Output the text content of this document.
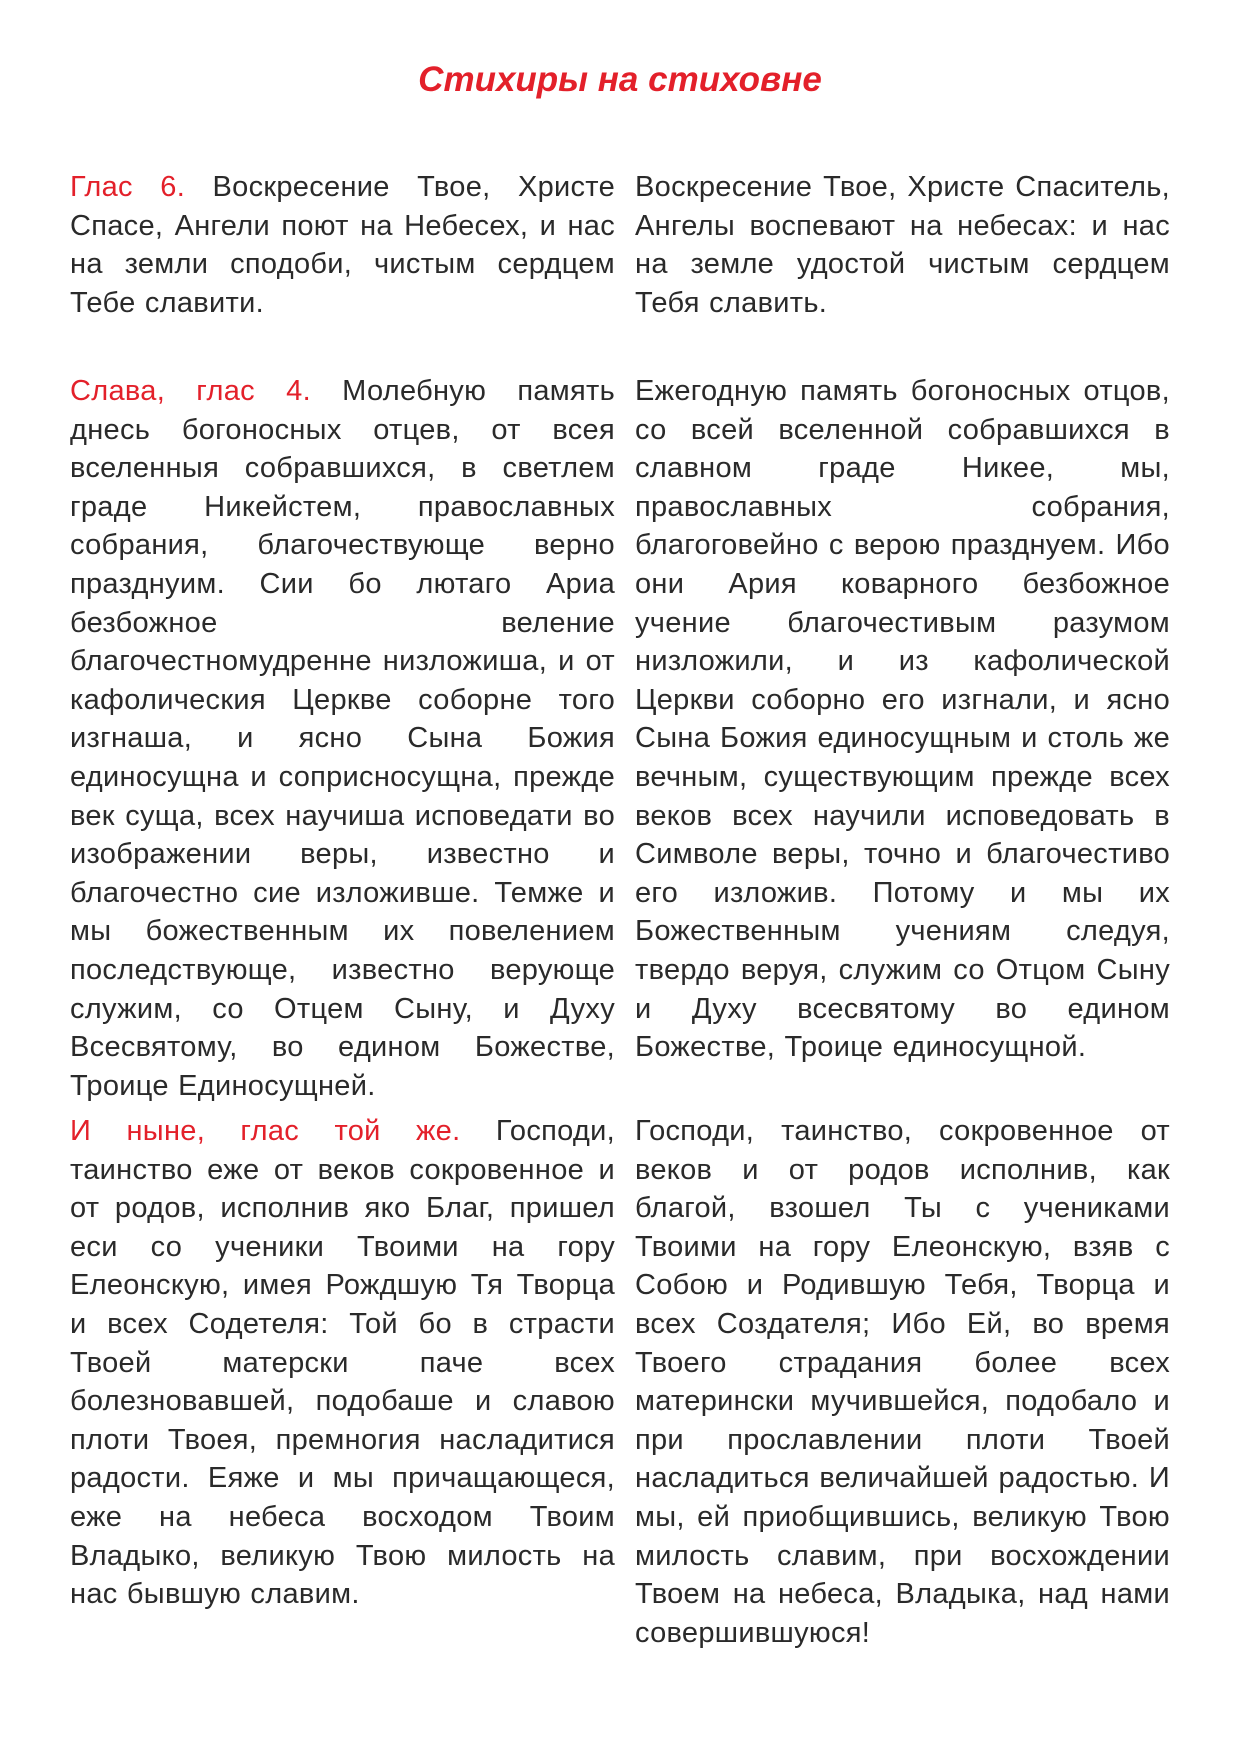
Стихиры на стиховне

Глас 6. Воскресение Твое, Христе Спасе, Ангели поют на Небесех, и нас на земли сподоби, чистым сердцем Тебе славити.

Воскресение Твое, Христе Спаситель, Ангелы воспевают на небесах: и нас на земле удостой чистым сердцем Тебя славить.

Слава, глас 4. Молебную память днесь богоносных отцев, от всея вселенныя собравшихся, в светлем граде Никейстем, православных собрания, благочествующе верно празднуим. Сии бо лютаго Ариа безбожное веление благочестномудренне низложиша, и от кафолическия Церкве соборне того изгнаша, и ясно Сына Божия единосущна и соприсносущна, прежде век суща, всех научиша исповедати во изображении веры, известно и благочестно сие изложивше. Темже и мы божественным их повелением последствующе, известно верующе служим, со Отцем Сыну, и Духу Всесвятому, во едином Божестве, Троице Единосущней.

Ежегодную память богоносных отцов, со всей вселенной собравшихся в славном граде Никее, мы, православных собрания, благоговейно с верою празднуем. Ибо они Ария коварного безбожное учение благочестивым разумом низложили, и из кафолической Церкви соборно его изгнали, и ясно Сына Божия единосущным и столь же вечным, существующим прежде всех веков всех научили исповедовать в Символе веры, точно и благочестиво его изложив. Потому и мы их Божественным учениям следуя, твердо веруя, служим со Отцом Сыну и Духу всесвятому во едином Божестве, Троице единосущной.

И ныне, глас той же. Господи, таинство еже от веков сокровенное и от родов, исполнив яко Благ, пришел еси со ученики Твоими на гору Елеонскую, имея Рождшую Тя Творца и всех Содетеля: Той бо в страсти Твоей матерски паче всех болезновавшей, подобаше и славою плоти Твоея, премногия насладитися радости. Еяже и мы причащающеся, еже на небеса восходом Твоим Владыко, великую Твою милость на нас бывшую славим.

Господи, таинство, сокровенное от веков и от родов исполнив, как благой, взошел Ты с учениками Твоими на гору Елеонскую, взяв с Собою и Родившую Тебя, Творца и всех Создателя; Ибо Ей, во время Твоего страдания более всех матерински мучившейся, подобало и при прославлении плоти Твоей насладиться величайшей радостью. И мы, ей приобщившись, великую Твою милость славим, при восхождении Твоем на небеса, Владыка, над нами совершившуюся!
